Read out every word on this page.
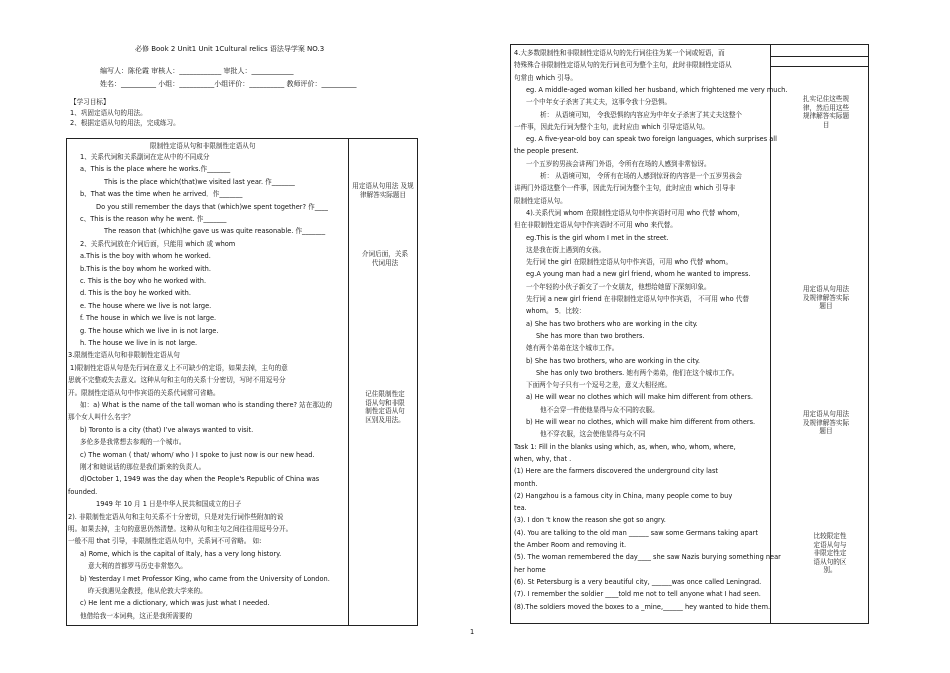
必修 Book 2 Unit1 Unit 1Cultural relics 语法导学案 NO.3
编写人：陈伦霞 审核人：____________ 审批人：____________
姓名：__________ 小组：__________小组评价：__________ 教师评价：__________
【学习目标】
1、巩固定语从句的用法。
2、根据定语从句的用法，完成练习。
限制性定语从句和非限制性定语从句
1、关系代词和关系副词在定从中的不同成分
a、This is the place where he works.作_______
This is the place which(that)we visited last year. 作_______
b、That was the time when he arrived．作_______
Do you still remember the days that (which)we spent together? 作____
c、This is the reason why he went. 作_______
The reason that (which)he gave us was quite reasonable. 作_______
2、关系代词放在介词后面，只能用 which 或 whom
a.This is the boy with whom he worked.
b.This is the boy whom he worked with.
c. This is the boy who he worked with.
d. This is the boy he worked with.
e. The house where we live is not large.
f. The house in which we live is not large.
g. The house which we live in is not large.
h. The house we live in is not large.
3.限制性定语从句和非限制性定语从句
1)限制性定语从句是先行词在意义上不可缺少的定语，如果去掉，主句的意
思就不完整或失去意义。这种从句和主句的关系十分密切，写时不用逗号分
开。限制性定语从句中作宾语的关系代词常可省略。
如：a) What is the name of the tall woman who is standing there? 站在那边的
那个女人叫什么名字？
b) Toronto is a city (that) I’ve always wanted to visit.
多伦多是我常想去参观的一个城市。
c) The woman ( that/ whom/ who ) I spoke to just now is our new head.
刚才和她说话的那位是我们新来的负责人。
d)October 1, 1949 was the day when the People's Republic of China was
founded.
1949 年 10 月 1 日是中华人民共和国成立的日子
2). 非限制性定语从句和主句关系不十分密切，只是对先行词作些附加的说
明。如果去掉，主句的意思仍然清楚。这种从句和主句之间往往用逗号分开。
一般不用 that 引导，非限制性定语从句中，关系词不可省略。 如:
a) Rome, which is the capital of Italy, has a very long history.
意大利的首都罗马历史非常悠久。
b) Yesterday I met Professor King, who came from the University of London.
昨天我遇见金教授，他从伦敦大学来的。
c) He lent me a dictionary, which was just what I needed.
他借给我一本词典，这正是我所需要的
用定语从句用法 及规律解答实际题目
介词后面，关系代词用法
记住限制性定语从句和非限制性定语从句区别及用法。
4.大多数限制性和非限制性定语从句的先行词往往为某一个词或短语，而
特殊殊合非限制性定语从句的先行词也可为整个主句，此时非限制性定语从
句常由 which 引导。
eg. A middle-aged woman killed her husband, which frightened me very much.
一个中年女子杀害了其丈夫，这事令我十分恐惧。
析： 从语境可知， 令我恐惧的内容应为中年女子杀害了其丈夫这整个
一件事，因此先行词为整个主句，此时应由 which 引导定语从句。
eg. A five-year-old boy can speak two foreign languages, which surprises all
the people present.
一个五岁的男孩会讲两门外语，令所有在场的人感到非常惊讶。
析： 从语境可知， 令所有在场的人感到惊讶的内容是一个五岁男孩会
讲两门外语这整个一件事，因此先行词为整个主句，此时应由 which 引导非
限制性定语从句。
4).关系代词 whom 在限制性定语从句中作宾语时可用 who 代替 whom，
但在非限制性定语从句中作宾语时不可用 who 来代替。
eg.This is the girl whom I met in the street.
这是我在街上遇到的女孩。
先行词 the girl 在限制性定语从句中作宾语，可用 who 代替 whom。
eg.A young man had a new girl friend, whom he wanted to impress.
一个年轻的小伙子新交了一个女朋友，他想给她留下深刻印象。
先行词 a new girl friend 在非限制性定语从句中作宾语， 不可用 who 代替
whom。 5．比较：
a) She has two brothers who are working in the city.
She has more than two brothers.
她有两个弟弟在这个城市工作。
b) She has two brothers, who are working in the city.
She has only two brothers. 她有两个弟弟，他们在这个城市工作。
下面两个句子只有一个逗号之差，意义大相径庭。
a) He will wear no clothes which will make him different from others.
他不会穿一件使他显得与众不同的衣服。
b) He will wear no clothes, which will make him different from others.
他不穿衣服，这会使他显得与众不同
Task 1: Fill in the blanks using which, as, when, who, whom, where,
when, why, that .
(1) Here are the farmers discovered the underground city last
month.
(2) Hangzhou is a famous city in China, many people come to buy
tea.
(3). I don 't know the reason she got so angry.
(4). You are talking to the old man ______ saw some Germans taking apart
the Amber Room and removing it.
(5). The woman remembered the day____ she saw Nazis burying something near
her home
(6). St Petersburg is a very beautiful city, ______was once called Leningrad.
(7). I remember the soldier ____told me not to tell anyone what I had seen.
(8).The soldiers moved the boxes to a _mine,______ hey wanted to hide them.
扎实记住这些规律，然后用这些规律解答实际题目
用定语从句用法 及规律解答实际题目
用定语从句用法 及规律解答实际题目
比较限定性定语从句与非限定性定语从句的区别。
1
